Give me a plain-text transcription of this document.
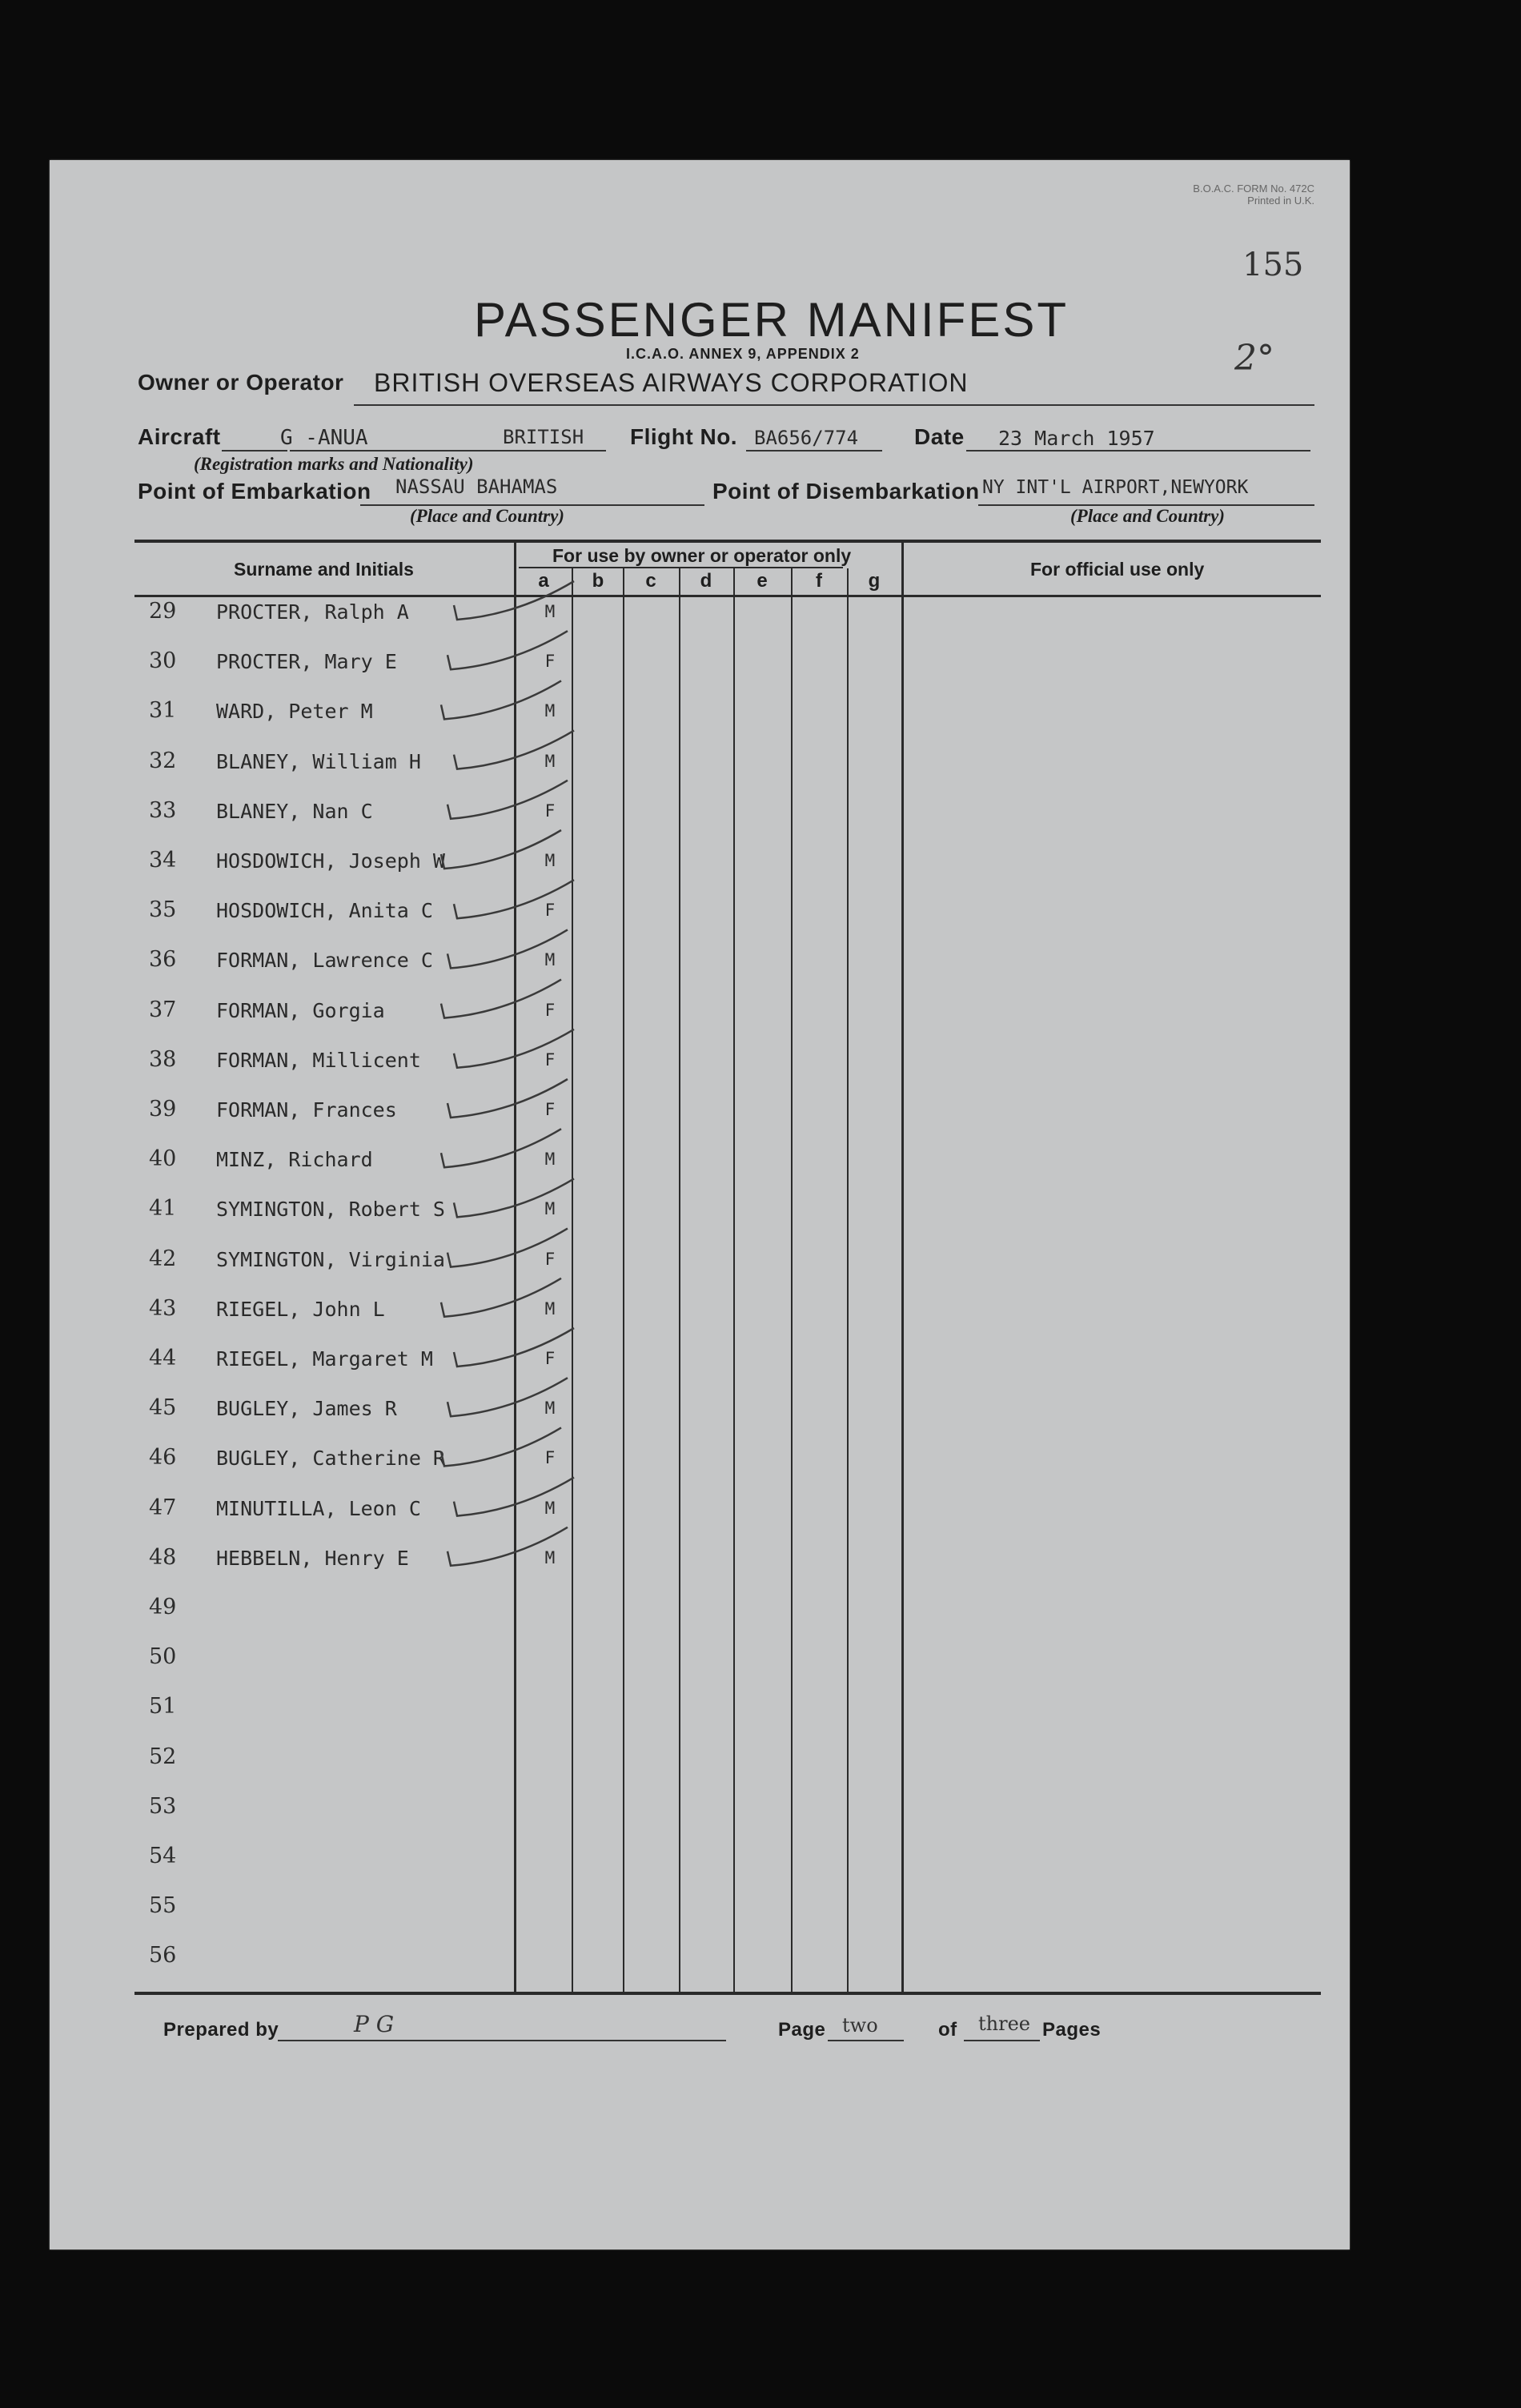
B.O.A.C. FORM No. 472C
Printed in U.K.
155
2°
PASSENGER MANIFEST
I.C.A.O. ANNEX 9, APPENDIX 2
Owner or Operator BRITISH OVERSEAS AIRWAYS CORPORATION
Aircraft	G -ANUA	BRITISH
(Registration marks and Nationality)
Flight No. BA656/774 Date 23 March 1957
Point of Embarkation NASSAU BAHAMAS
(Place and Country)
Point of Disembarkation NY INT'L AIRPORT,NEWYORK
(Place and Country)
Surname and Initials
For use by owner or operator only
a b c d e	f g
For official use only
29	PROCTER, Ralph A	M
30	PROCTER, Mary E	F
31	WARD, Peter M	M
32	BLANEY, William H	M
33	BLANEY, Nan C	F
34	HOSDOWICH, Joseph W	M
35	HOSDOWICH, Anita C	F
36	FORMAN, Lawrence C	M
37	FORMAN, Gorgia	F
38	FORMAN, Millicent	F
39	FORMAN, Frances	F
40	MINZ, Richard	M
41	SYMINGTON, Robert S	M
42	SYMINGTON, Virginia	F
43	RIEGEL, John L	M
44	RIEGEL, Margaret M	F
45	BUGLEY, James R	M
46	BUGLEY, Catherine R	F
47	MINUTILLA, Leon C	M
48	HEBBELN, Henry E	M
49
50
51
52
53
54
55
56
Prepared by	P G	Page two	of three Pages
